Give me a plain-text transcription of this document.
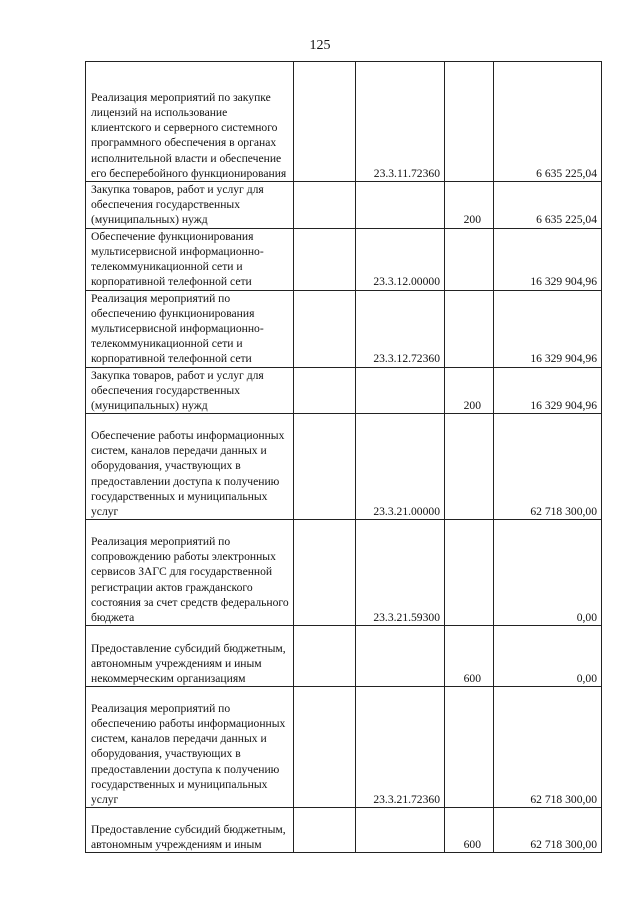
125
Реализация мероприятий по закупке лицензий на использование клиентского и серверного системного программного обеспечения в органах исполнительной власти и обеспечение его бесперебойного функционирования		23.3.11.72360		6 635 225,04
Закупка товаров, работ и услуг для обеспечения государственных (муниципальных) нужд			200	6 635 225,04
Обеспечение функционирования мультисервисной информационно-телекоммуникационной сети и корпоративной телефонной сети		23.3.12.00000		16 329 904,96
Реализация мероприятий по обеспечению функционирования мультисервисной информационно-телекоммуникационной сети и корпоративной телефонной сети		23.3.12.72360		16 329 904,96
Закупка товаров, работ и услуг для обеспечения государственных (муниципальных) нужд			200	16 329 904,96
Обеспечение работы информационных систем, каналов передачи данных и оборудования, участвующих в предоставлении доступа к получению государственных и муниципальных услуг		23.3.21.00000		62 718 300,00
Реализация мероприятий по сопровождению работы электронных сервисов ЗАГС для государственной регистрации актов гражданского состояния за счет средств федерального бюджета		23.3.21.59300		0,00
Предоставление субсидий бюджетным, автономным учреждениям и иным некоммерческим организациям			600	0,00
Реализация мероприятий по обеспечению работы информационных систем, каналов передачи данных и оборудования, участвующих в предоставлении доступа к получению государственных и муниципальных услуг		23.3.21.72360		62 718 300,00
Предоставление субсидий бюджетным, автономным учреждениям и иным			600	62 718 300,00
